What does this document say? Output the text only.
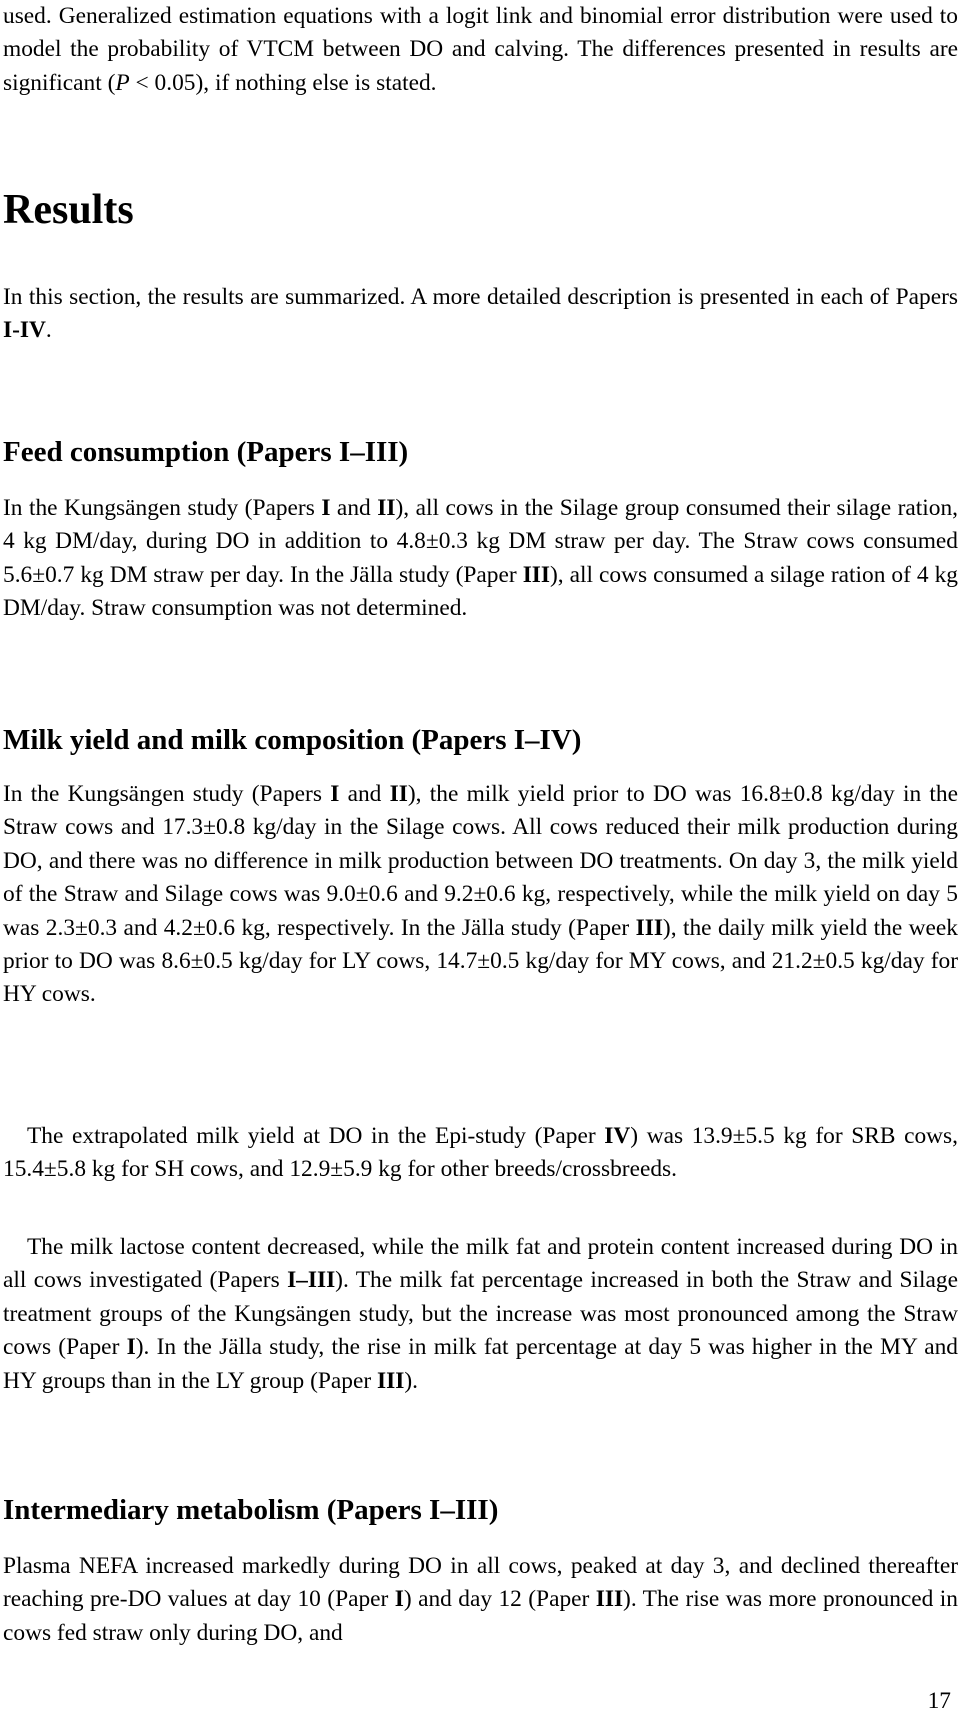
used. Generalized estimation equations with a logit link and binomial error distribution were used to model the probability of VTCM between DO and calving. The differences presented in results are significant (P < 0.05), if nothing else is stated.

Results

In this section, the results are summarized. A more detailed description is presented in each of Papers I-IV.

Feed consumption (Papers I–III)

In the Kungsängen study (Papers I and II), all cows in the Silage group consumed their silage ration, 4 kg DM/day, during DO in addition to 4.8±0.3 kg DM straw per day. The Straw cows consumed 5.6±0.7 kg DM straw per day. In the Jälla study (Paper III), all cows consumed a silage ration of 4 kg DM/day. Straw consumption was not determined.

Milk yield and milk composition (Papers I–IV)

In the Kungsängen study (Papers I and II), the milk yield prior to DO was 16.8±0.8 kg/day in the Straw cows and 17.3±0.8 kg/day in the Silage cows. All cows reduced their milk production during DO, and there was no difference in milk production between DO treatments. On day 3, the milk yield of the Straw and Silage cows was 9.0±0.6 and 9.2±0.6 kg, respectively, while the milk yield on day 5 was 2.3±0.3 and 4.2±0.6 kg, respectively. In the Jälla study (Paper III), the daily milk yield the week prior to DO was 8.6±0.5 kg/day for LY cows, 14.7±0.5 kg/day for MY cows, and 21.2±0.5 kg/day for HY cows.

The extrapolated milk yield at DO in the Epi-study (Paper IV) was 13.9±5.5 kg for SRB cows, 15.4±5.8 kg for SH cows, and 12.9±5.9 kg for other breeds/crossbreeds.

The milk lactose content decreased, while the milk fat and protein content increased during DO in all cows investigated (Papers I–III). The milk fat percentage increased in both the Straw and Silage treatment groups of the Kungsängen study, but the increase was most pronounced among the Straw cows (Paper I). In the Jälla study, the rise in milk fat percentage at day 5 was higher in the MY and HY groups than in the LY group (Paper III).

Intermediary metabolism (Papers I–III)

Plasma NEFA increased markedly during DO in all cows, peaked at day 3, and declined thereafter reaching pre-DO values at day 10 (Paper I) and day 12 (Paper III). The rise was more pronounced in cows fed straw only during DO, and

17
